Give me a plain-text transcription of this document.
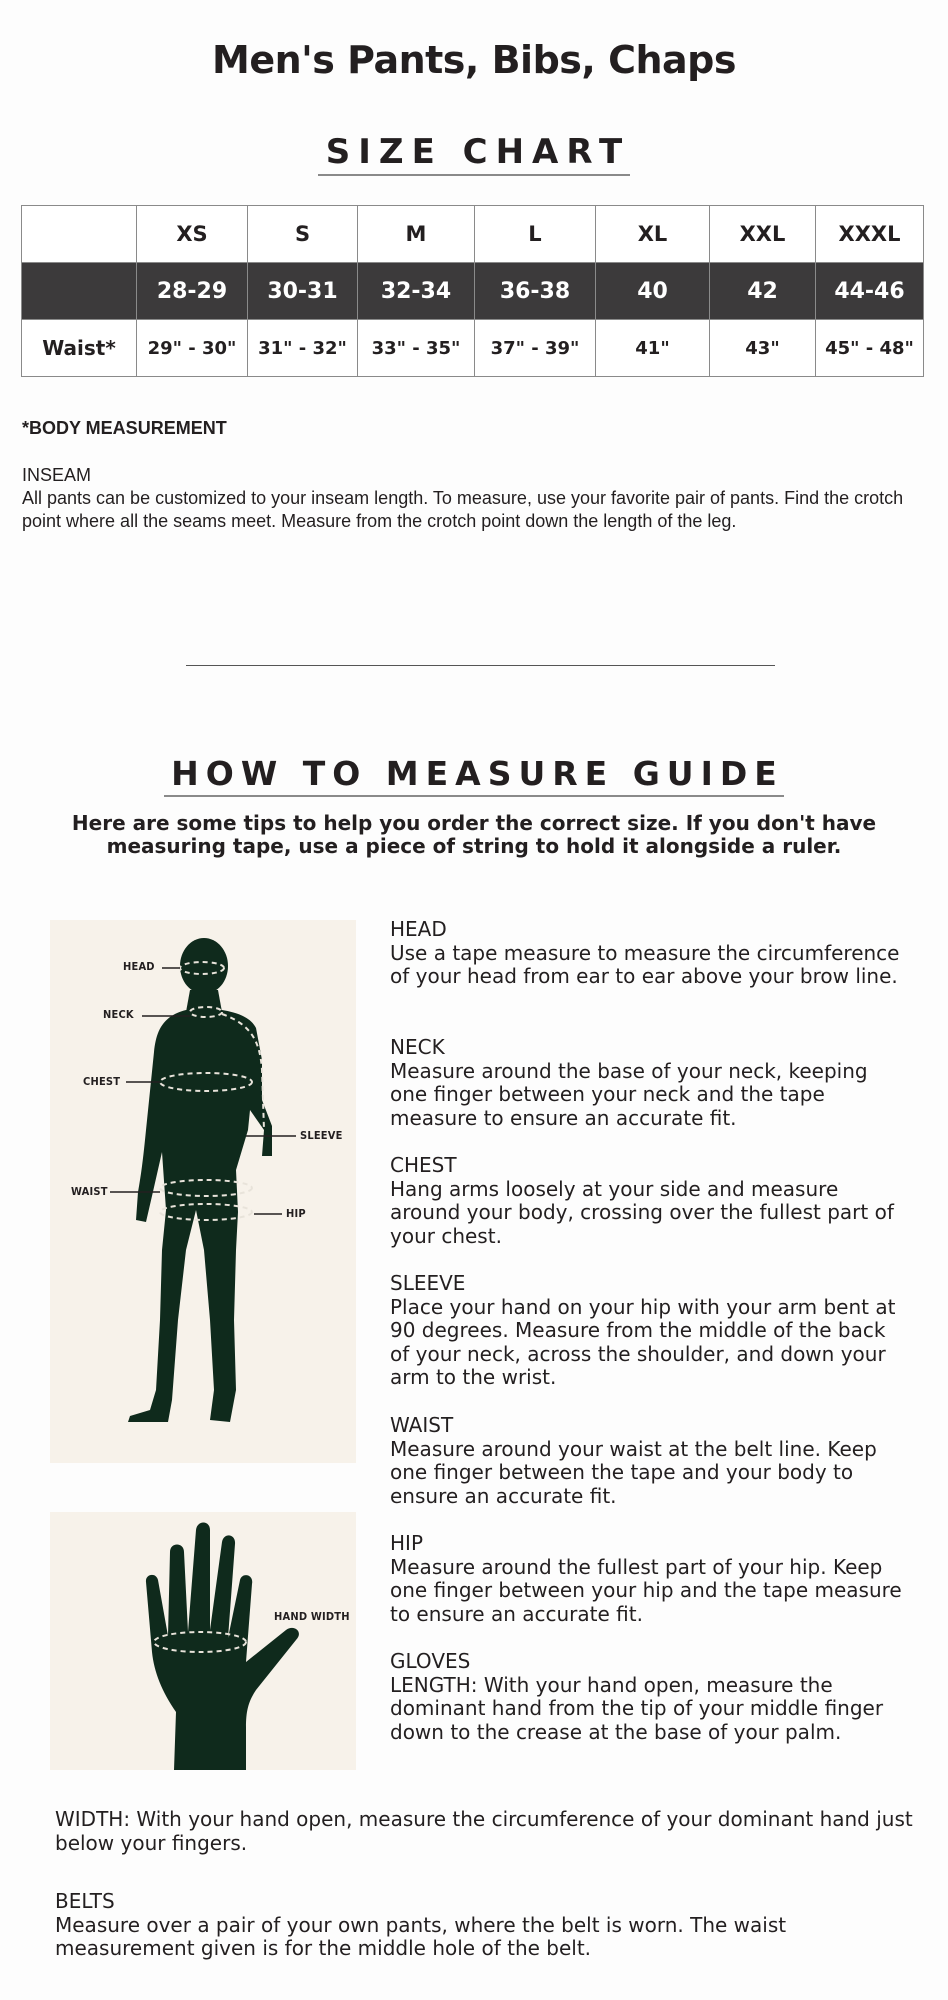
Men's Pants, Bibs, Chaps
SIZE CHART
	XS	S	M	L	XL	XXL	XXXL
	28-29	30-31	32-34	36-38	40	42	44-46
Waist*	29" - 30"	31" - 32"	33" - 35"	37" - 39"	41"	43"	45" - 48"
*BODY MEASUREMENT
INSEAM
All pants can be customized to your inseam length. To measure, use your favorite pair of pants. Find the crotch point where all the seams meet. Measure from the crotch point down the length of the leg.
HOW TO MEASURE GUIDE
Here are some tips to help you order the correct size. If you don't have measuring tape, use a piece of string to hold it alongside a ruler.
HEAD
NECK
CHEST
SLEEVE
WAIST
HIP
HAND WIDTH
HEAD
Use a tape measure to measure the circumference of your head from ear to ear above your brow line.
NECK
Measure around the base of your neck, keeping one finger between your neck and the tape measure to ensure an accurate fit.
CHEST
Hang arms loosely at your side and measure around your body, crossing over the fullest part of your chest.
SLEEVE
Place your hand on your hip with your arm bent at 90 degrees. Measure from the middle of the back of your neck, across the shoulder, and down your arm to the wrist.
WAIST
Measure around your waist at the belt line. Keep one finger between the tape and your body to ensure an accurate fit.
HIP
Measure around the fullest part of your hip. Keep one finger between your hip and the tape measure to ensure an accurate fit.
GLOVES
LENGTH: With your hand open, measure the dominant hand from the tip of your middle finger down to the crease at the base of your palm.
WIDTH: With your hand open, measure the circumference of your dominant hand just below your fingers.
BELTS
Measure over a pair of your own pants, where the belt is worn. The waist measurement given is for the middle hole of the belt.
